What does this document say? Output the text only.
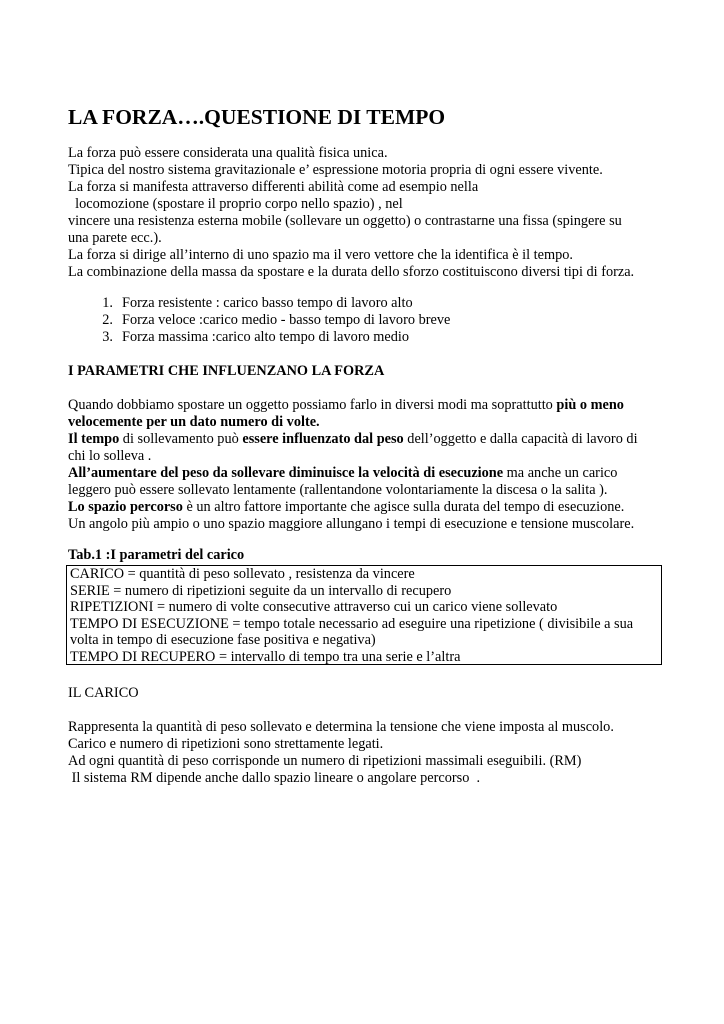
LA FORZA….QUESTIONE DI TEMPO
La forza può essere considerata una qualità fisica unica.
Tipica del nostro sistema gravitazionale e’ espressione motoria propria di ogni essere vivente.
La forza si manifesta attraverso differenti abilità come ad esempio nella
locomozione (spostare il proprio corpo nello spazio) , nel
vincere una resistenza esterna mobile (sollevare un oggetto) o contrastarne una fissa (spingere su
una parete ecc.).
La forza si dirige all’interno di uno spazio ma il vero vettore che la identifica è il tempo.
La combinazione della massa da spostare e la durata dello sforzo costituiscono diversi tipi di forza.
1. Forza resistente : carico basso tempo di lavoro alto
2. Forza veloce :carico medio - basso tempo di lavoro breve
3. Forza massima :carico alto tempo di lavoro medio
I PARAMETRI CHE INFLUENZANO LA FORZA
Quando dobbiamo spostare un oggetto possiamo farlo in diversi modi ma soprattutto più o meno
velocemente per un dato numero di volte.
Il tempo di sollevamento può essere influenzato dal peso dell’oggetto e dalla capacità di lavoro di
chi lo solleva .
All’aumentare del peso da sollevare diminuisce la velocità di esecuzione ma anche un carico
leggero può essere sollevato lentamente (rallentandone volontariamente la discesa o la salita ).
Lo spazio percorso è un altro fattore importante che agisce sulla durata del tempo di esecuzione.
Un angolo più ampio o uno spazio maggiore allungano i tempi di esecuzione e tensione muscolare.
Tab.1 :I parametri del carico
CARICO = quantità di peso sollevato , resistenza da vincere
SERIE = numero di ripetizioni seguite da un intervallo di recupero
RIPETIZIONI = numero di volte consecutive attraverso cui un carico viene sollevato
TEMPO DI ESECUZIONE = tempo totale necessario ad eseguire una ripetizione ( divisibile a sua
volta in tempo di esecuzione fase positiva e negativa)
TEMPO DI RECUPERO = intervallo di tempo tra una serie e l’altra
IL CARICO
Rappresenta la quantità di peso sollevato e determina la tensione che viene imposta al muscolo.
Carico e numero di ripetizioni sono strettamente legati.
Ad ogni quantità di peso corrisponde un numero di ripetizioni massimali eseguibili. (RM)
Il sistema RM dipende anche dallo spazio lineare o angolare percorso  .
